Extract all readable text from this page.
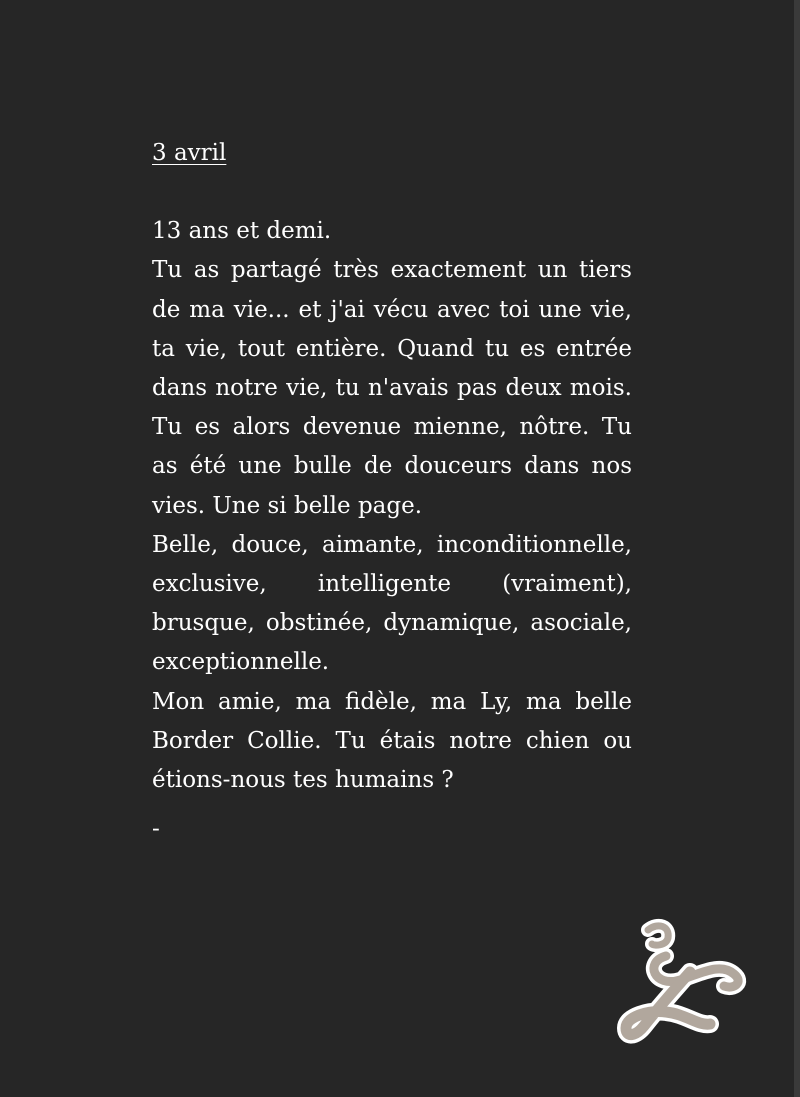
3 avril

13 ans et demi.

Tu as partagé très exactement un tiers de ma vie... et j'ai vécu avec toi une vie, ta vie, tout entière. Quand tu es entrée dans notre vie, tu n'avais pas deux mois. Tu es alors devenue mienne, nôtre. Tu as été une bulle de douceurs dans nos vies. Une si belle page.

Belle, douce, aimante, inconditionnelle, exclusive, intelligente (vraiment), brusque, obstinée, dynamique, asociale, exceptionnelle.

Mon amie, ma fidèle, ma Ly, ma belle Border Collie. Tu étais notre chien ou étions-nous tes humains ?

-
